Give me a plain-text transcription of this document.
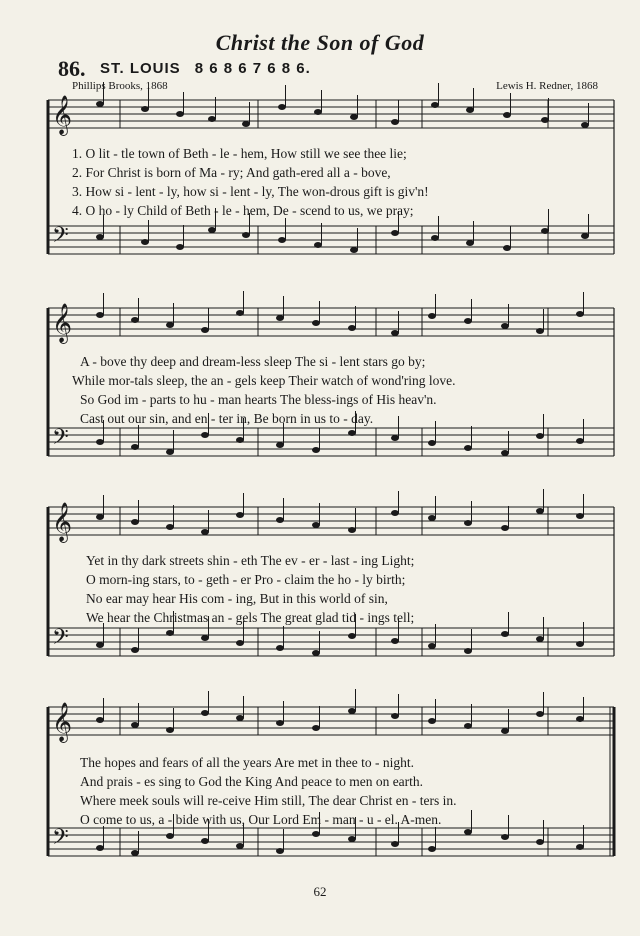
Christ the Son of God
86. ST. LOUIS 8 6 8 6 7 6 8 6.
Phillips Brooks, 1868	Lewis H. Redner, 1868
𝄞
𝄢
𝄞
𝄢
𝄞
𝄢
𝄞
𝄢
1. O lit - tle town of Beth - le - hem, How still we see thee lie;
2. For Christ is born of Ma - ry; And gath-ered all a - bove,
3. How si - lent - ly, how si - lent - ly, The won-drous gift is giv'n!
4. O ho - ly Child of Beth - le - hem, De - scend to us, we pray;
A - bove thy deep and dream-less sleep The si - lent stars go by;
While mor-tals sleep, the an - gels keep Their watch of wond'ring love.
So God im - parts to hu - man hearts The bless-ings of His heav'n.
Cast out our sin, and en - ter in, Be born in us to - day.
Yet in thy dark streets shin - eth The ev - er - last - ing Light;
O morn-ing stars, to - geth - er Pro - claim the ho - ly birth;
No ear may hear His com - ing, But in this world of sin,
We hear the Christmas an - gels The great glad tid - ings tell;
The hopes and fears of all the years Are met in thee to - night.
And prais - es sing to God the King And peace to men on earth.
Where meek souls will re-ceive Him still, The dear Christ en - ters in.
O come to us, a - bide with us, Our Lord Em - man - u - el. A-men.
62
